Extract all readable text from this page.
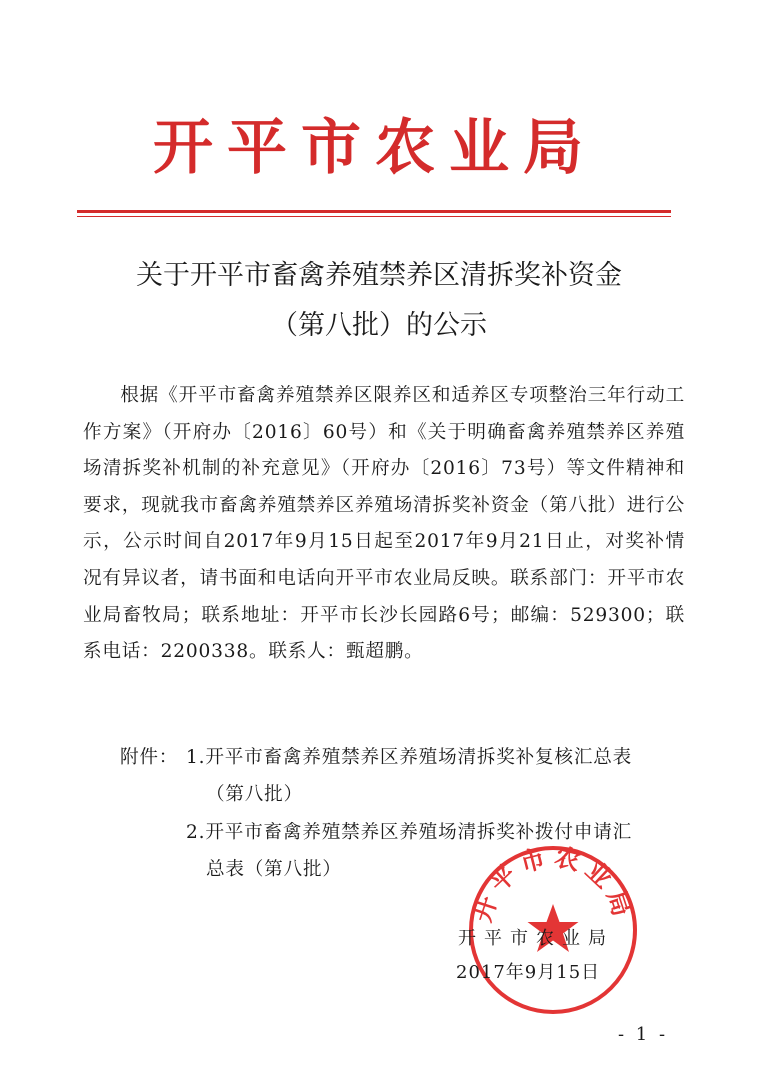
开平市农业局
关于开平市畜禽养殖禁养区清拆奖补资金
（第八批）的公示
根据《开平市畜禽养殖禁养区限养区和适养区专项整治三年行动工作方案》（开府办〔2016〕60号）和《关于明确畜禽养殖禁养区养殖场清拆奖补机制的补充意见》（开府办〔2016〕73号）等文件精神和要求，现就我市畜禽养殖禁养区养殖场清拆奖补资金（第八批）进行公示，公示时间自2017年9月15日起至2017年9月21日止，对奖补情况有异议者，请书面和电话向开平市农业局反映。联系部门：开平市农业局畜牧局；联系地址：开平市长沙长园路6号；邮编：529300；联系电话：2200338。联系人：甄超鹏。
附件： 1.开平市畜禽养殖禁养区养殖场清拆奖补复核汇总表
（第八批）
2.开平市畜禽养殖禁养区养殖场清拆奖补拨付申请汇
总表（第八批）
开平市农业局
开平市农业局
2017年9月15日
- 1 -
